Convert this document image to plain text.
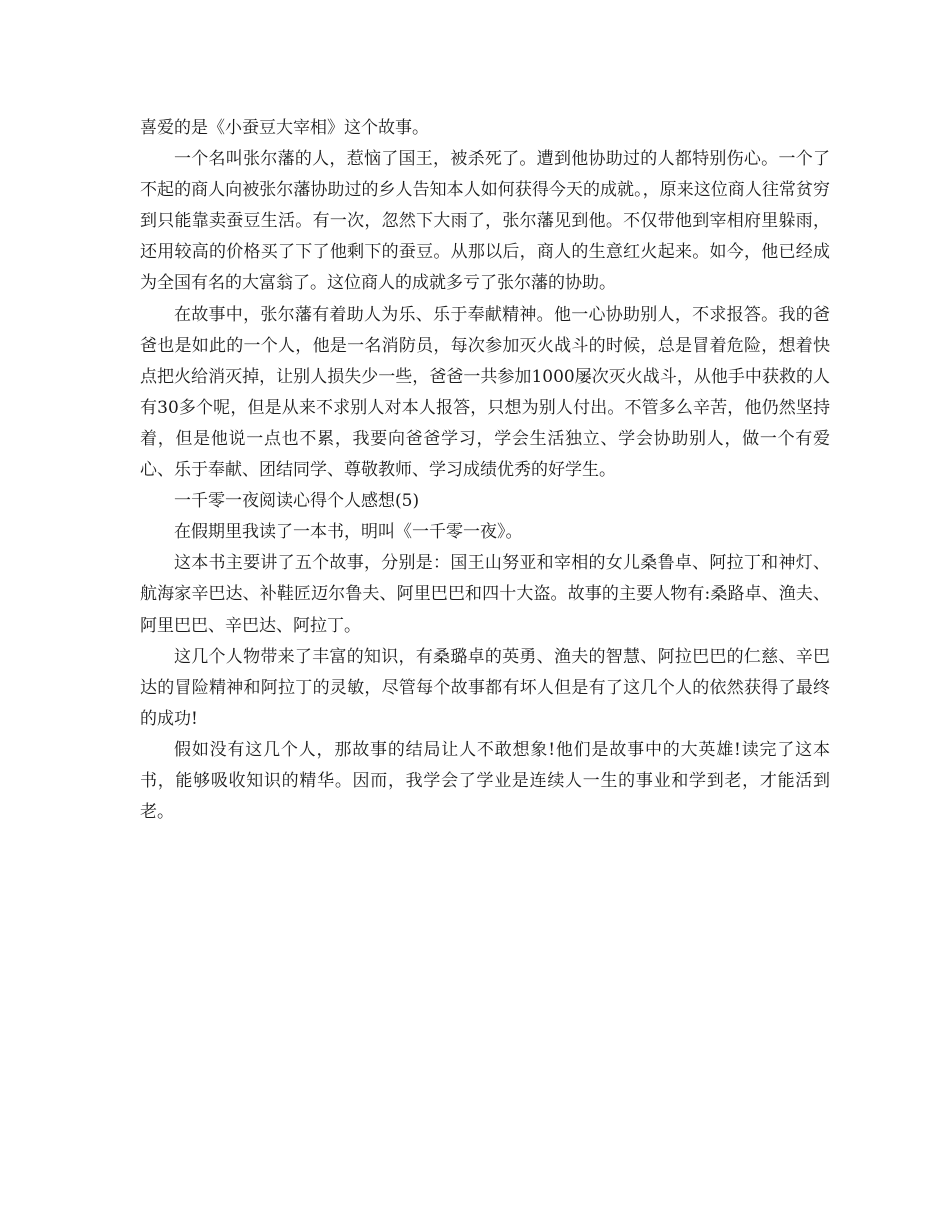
喜爱的是《小蚕豆大宰相》这个故事。

一个名叫张尔藩的人，惹恼了国王，被杀死了。遭到他协助过的人都特别伤心。一个了不起的商人向被张尔藩协助过的乡人告知本人如何获得今天的成就。，原来这位商人往常贫穷到只能靠卖蚕豆生活。有一次，忽然下大雨了，张尔藩见到他。不仅带他到宰相府里躲雨，还用较高的价格买了下了他剩下的蚕豆。从那以后，商人的生意红火起来。如今，他已经成为全国有名的大富翁了。这位商人的成就多亏了张尔藩的协助。

在故事中，张尔藩有着助人为乐、乐于奉献精神。他一心协助别人，不求报答。我的爸爸也是如此的一个人，他是一名消防员，每次参加灭火战斗的时候，总是冒着危险，想着快点把火给消灭掉，让别人损失少一些，爸爸一共参加1000屡次灭火战斗，从他手中获救的人有30多个呢，但是从来不求别人对本人报答，只想为别人付出。不管多么辛苦，他仍然坚持着，但是他说一点也不累，我要向爸爸学习，学会生活独立、学会协助别人，做一个有爱心、乐于奉献、团结同学、尊敬教师、学习成绩优秀的好学生。

一千零一夜阅读心得个人感想(5)

在假期里我读了一本书，明叫《一千零一夜》。

这本书主要讲了五个故事，分别是：国王山努亚和宰相的女儿桑鲁卓、阿拉丁和神灯、航海家辛巴达、补鞋匠迈尔鲁夫、阿里巴巴和四十大盗。故事的主要人物有:桑路卓、渔夫、阿里巴巴、辛巴达、阿拉丁。

这几个人物带来了丰富的知识，有桑璐卓的英勇、渔夫的智慧、阿拉巴巴的仁慈、辛巴达的冒险精神和阿拉丁的灵敏，尽管每个故事都有坏人但是有了这几个人的依然获得了最终的成功!

假如没有这几个人，那故事的结局让人不敢想象!他们是故事中的大英雄!读完了这本书，能够吸收知识的精华。因而，我学会了学业是连续人一生的事业和学到老，才能活到老。
